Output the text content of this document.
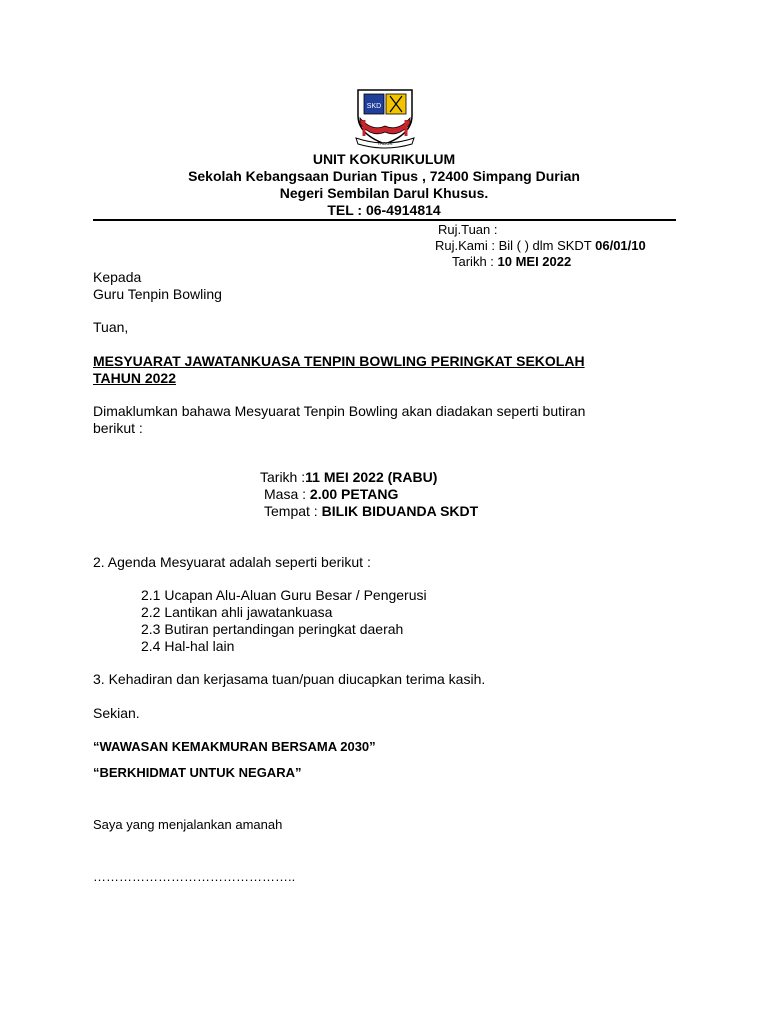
SKD
TADUK
UNIT KOKURIKULUM
Sekolah Kebangsaan Durian Tipus , 72400 Simpang Durian
Negeri Sembilan Darul Khusus.
TEL : 06-4914814
Ruj.Tuan :
Ruj.Kami : Bil ( ) dlm SKDT 06/01/10
Tarikh : 10 MEI 2022
Kepada
Guru Tenpin Bowling
Tuan,
MESYUARAT JAWATANKUASA TENPIN BOWLING PERINGKAT SEKOLAH
TAHUN 2022
Dimaklumkan bahawa Mesyuarat Tenpin Bowling akan diadakan seperti butiran
berikut :
Tarikh :11 MEI 2022 (RABU)
Masa : 2.00 PETANG
Tempat : BILIK BIDUANDA SKDT
2. Agenda Mesyuarat adalah seperti berikut :
2.1 Ucapan Alu-Aluan Guru Besar / Pengerusi
2.2 Lantikan ahli jawatankuasa
2.3 Butiran pertandingan peringkat daerah
2.4 Hal-hal lain
3. Kehadiran dan kerjasama tuan/puan diucapkan terima kasih.
Sekian.
“WAWASAN KEMAKMURAN BERSAMA 2030”
“BERKHIDMAT UNTUK NEGARA”
Saya yang menjalankan amanah
………………………………………..
